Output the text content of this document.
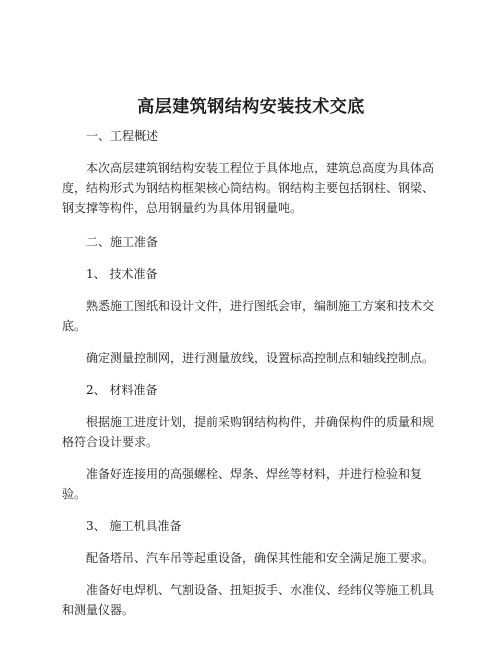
高层建筑钢结构安装技术交底

一、工程概述

本次高层建筑钢结构安装工程位于具体地点，建筑总高度为具体高度，结构形式为钢结构框架核心筒结构。钢结构主要包括钢柱、钢梁、钢支撑等构件，总用钢量约为具体用钢量吨。

二、施工准备

1、 技术准备

熟悉施工图纸和设计文件，进行图纸会审，编制施工方案和技术交底。

确定测量控制网，进行测量放线，设置标高控制点和轴线控制点。

2、 材料准备

根据施工进度计划，提前采购钢结构构件，并确保构件的质量和规格符合设计要求。

准备好连接用的高强螺栓、焊条、焊丝等材料，并进行检验和复验。

3、 施工机具准备

配备塔吊、汽车吊等起重设备，确保其性能和安全满足施工要求。

准备好电焊机、气割设备、扭矩扳手、水准仪、经纬仪等施工机具和测量仪器。
